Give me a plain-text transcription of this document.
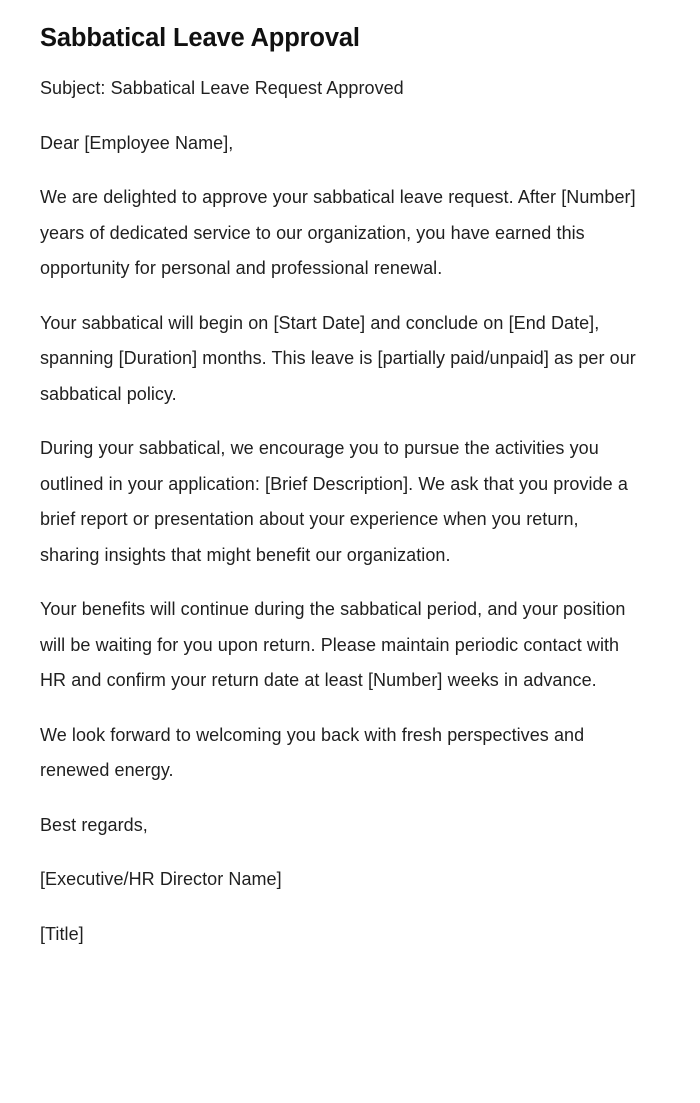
Sabbatical Leave Approval

Subject: Sabbatical Leave Request Approved

Dear [Employee Name],

We are delighted to approve your sabbatical leave request. After [Number] years of dedicated service to our organization, you have earned this opportunity for personal and professional renewal.

Your sabbatical will begin on [Start Date] and conclude on [End Date], spanning [Duration] months. This leave is [partially paid/unpaid] as per our sabbatical policy.

During your sabbatical, we encourage you to pursue the activities you outlined in your application: [Brief Description]. We ask that you provide a brief report or presentation about your experience when you return, sharing insights that might benefit our organization.

Your benefits will continue during the sabbatical period, and your position will be waiting for you upon return. Please maintain periodic contact with HR and confirm your return date at least [Number] weeks in advance.

We look forward to welcoming you back with fresh perspectives and renewed energy.

Best regards,

[Executive/HR Director Name]

[Title]
